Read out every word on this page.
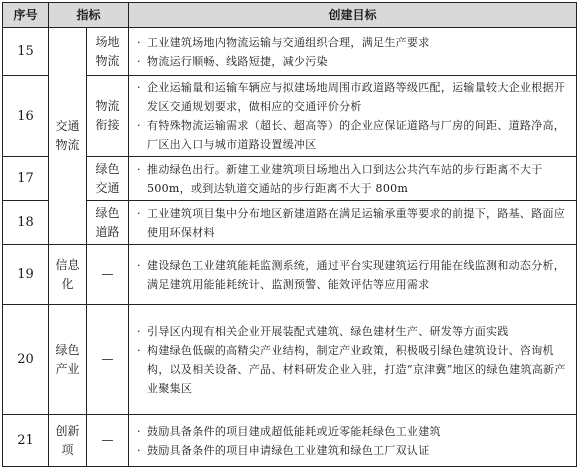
序号	指标		创建目标
15	交通物流	场地物流	· 工业建筑场地内物流运输与交通组织合理，满足生产要求
· 物流运行顺畅、线路短捷，减少污染

16		物流衔接	· 企业运输量和运输车辆应与拟建场地周围市政道路等级匹配，运输量较大企业根据开发区交通规划要求，做相应的交通评价分析
· 有特殊物流运输需求（超长、超高等）的企业应保证道路与厂房的间距、道路净高，厂区出入口与城市道路设置缓冲区

17		绿色交通	· 推动绿色出行。新建工业建筑项目场地出入口到达公共汽车站的步行距离不大于 500m，或到达轨道交通站的步行距离不大于 800m

18		绿色道路	· 工业建筑项目集中分布地区新建道路在满足运输承重等要求的前提下，路基、路面应使用环保材料

19	信息化	—	· 建设绿色工业建筑能耗监测系统，通过平台实现建筑运行用能在线监测和动态分析，满足建筑用能能耗统计、监测预警、能效评估等应用需求

20	绿色产业	—	· 引导区内现有相关企业开展装配式建筑、绿色建材生产、研发等方面实践
· 构建绿色低碳的高精尖产业结构，制定产业政策，积极吸引绿色建筑设计、咨询机构，以及相关设备、产品、材料研发企业入驻，打造“京津冀”地区的绿色建筑高新产业聚集区

21	创新项	—	· 鼓励具备条件的项目建成超低能耗或近零能耗绿色工业建筑
· 鼓励具备条件的项目申请绿色工业建筑和绿色工厂双认证
